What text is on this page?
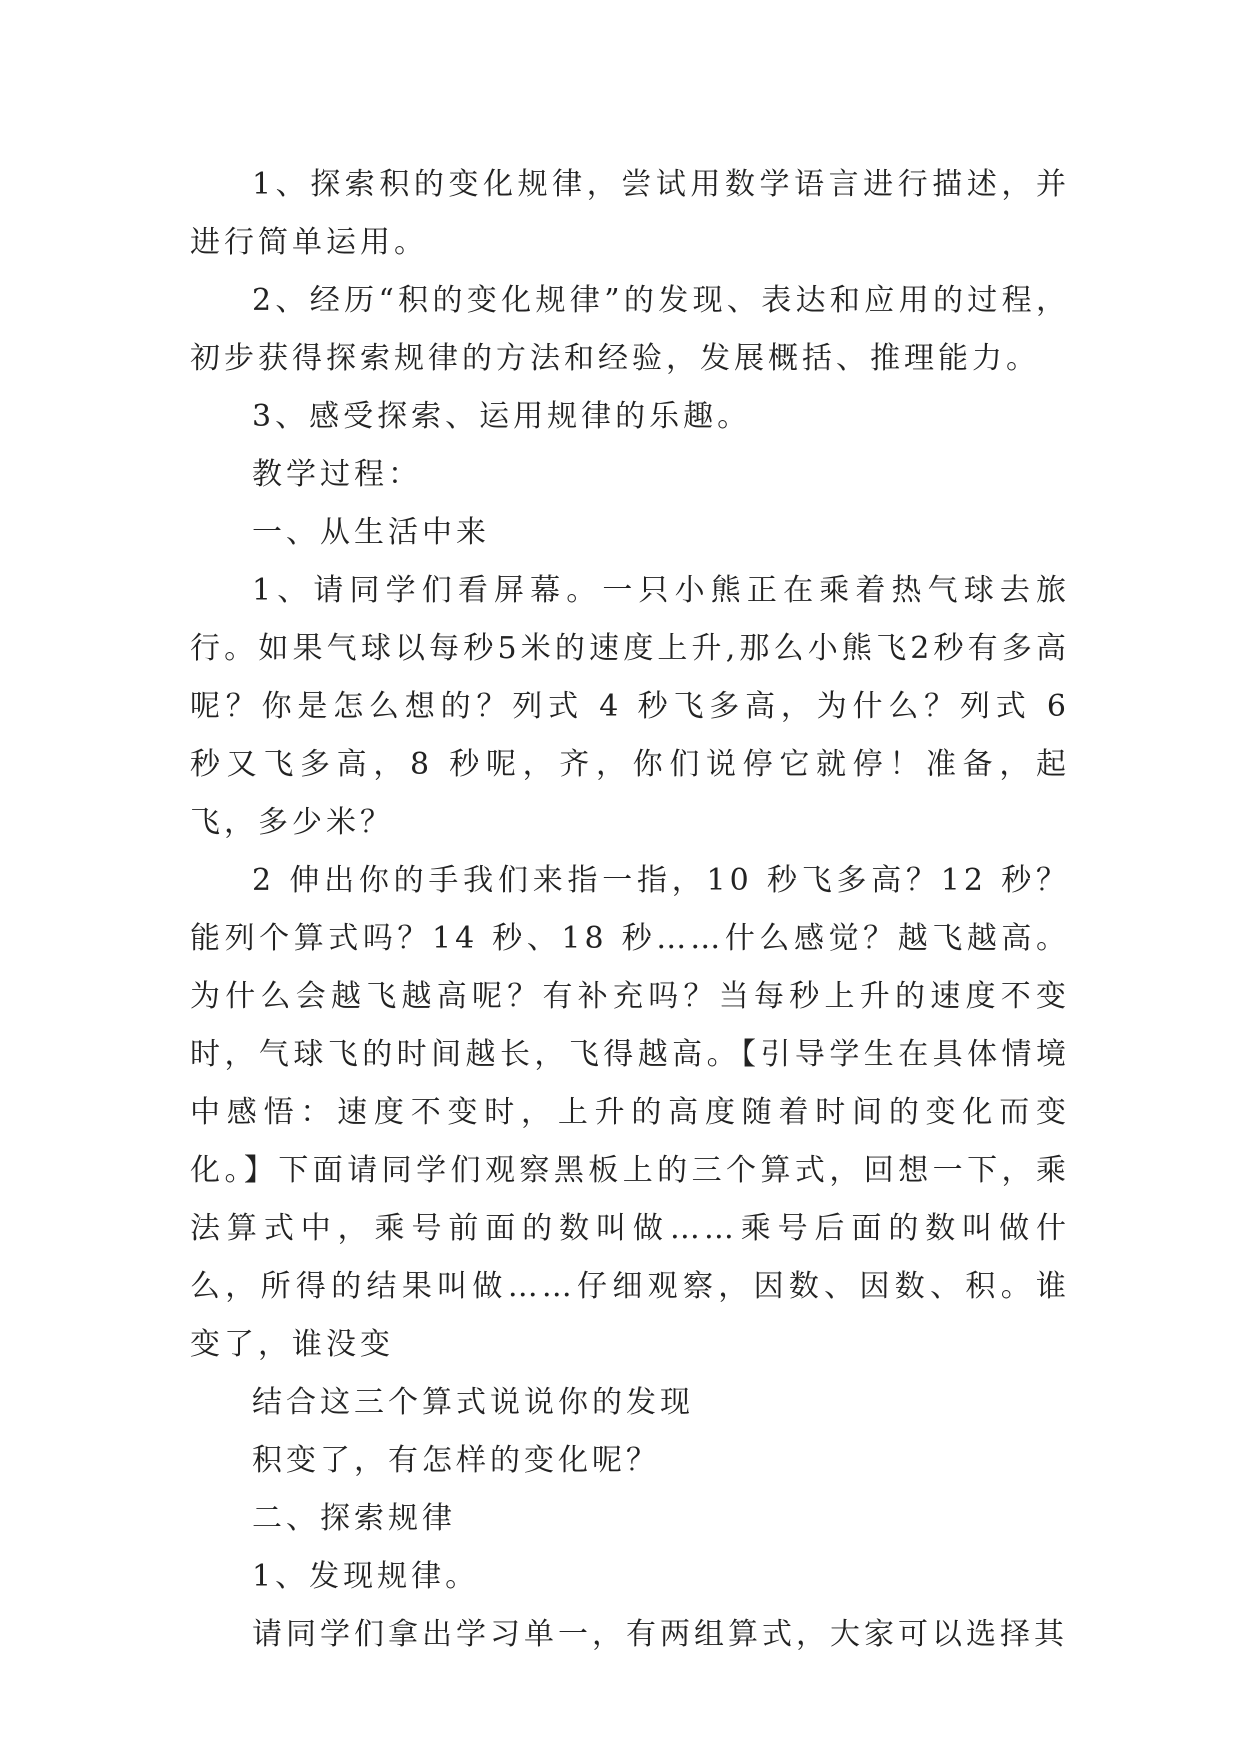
1、探索积的变化规律，尝试用数学语言进行描述，并进行简单运用。

2、经历“积的变化规律”的发现、表达和应用的过程，初步获得探索规律的方法和经验，发展概括、推理能力。

3、感受探索、运用规律的乐趣。

教学过程：

一、从生活中来

1、请同学们看屏幕。一只小熊正在乘着热气球去旅行。如果气球以每秒5米的速度上升,那么小熊飞2秒有多高呢？你是怎么想的？列式 4 秒飞多高，为什么？列式 6 秒又飞多高，8 秒呢，齐，你们说停它就停！准备，起飞，多少米？

2 伸出你的手我们来指一指，10 秒飞多高？12 秒？能列个算式吗？14 秒、18 秒……什么感觉？越飞越高。为什么会越飞越高呢？有补充吗？当每秒上升的速度不变时，气球飞的时间越长，飞得越高。【引导学生在具体情境中感悟：速度不变时，上升的高度随着时间的变化而变化。】下面请同学们观察黑板上的三个算式，回想一下，乘法算式中，乘号前面的数叫做……乘号后面的数叫做什么，所得的结果叫做……仔细观察，因数、因数、积。谁变了，谁没变

结合这三个算式说说你的发现

积变了，有怎样的变化呢？

二、探索规律

1、发现规律。

请同学们拿出学习单一，有两组算式，大家可以选择其
